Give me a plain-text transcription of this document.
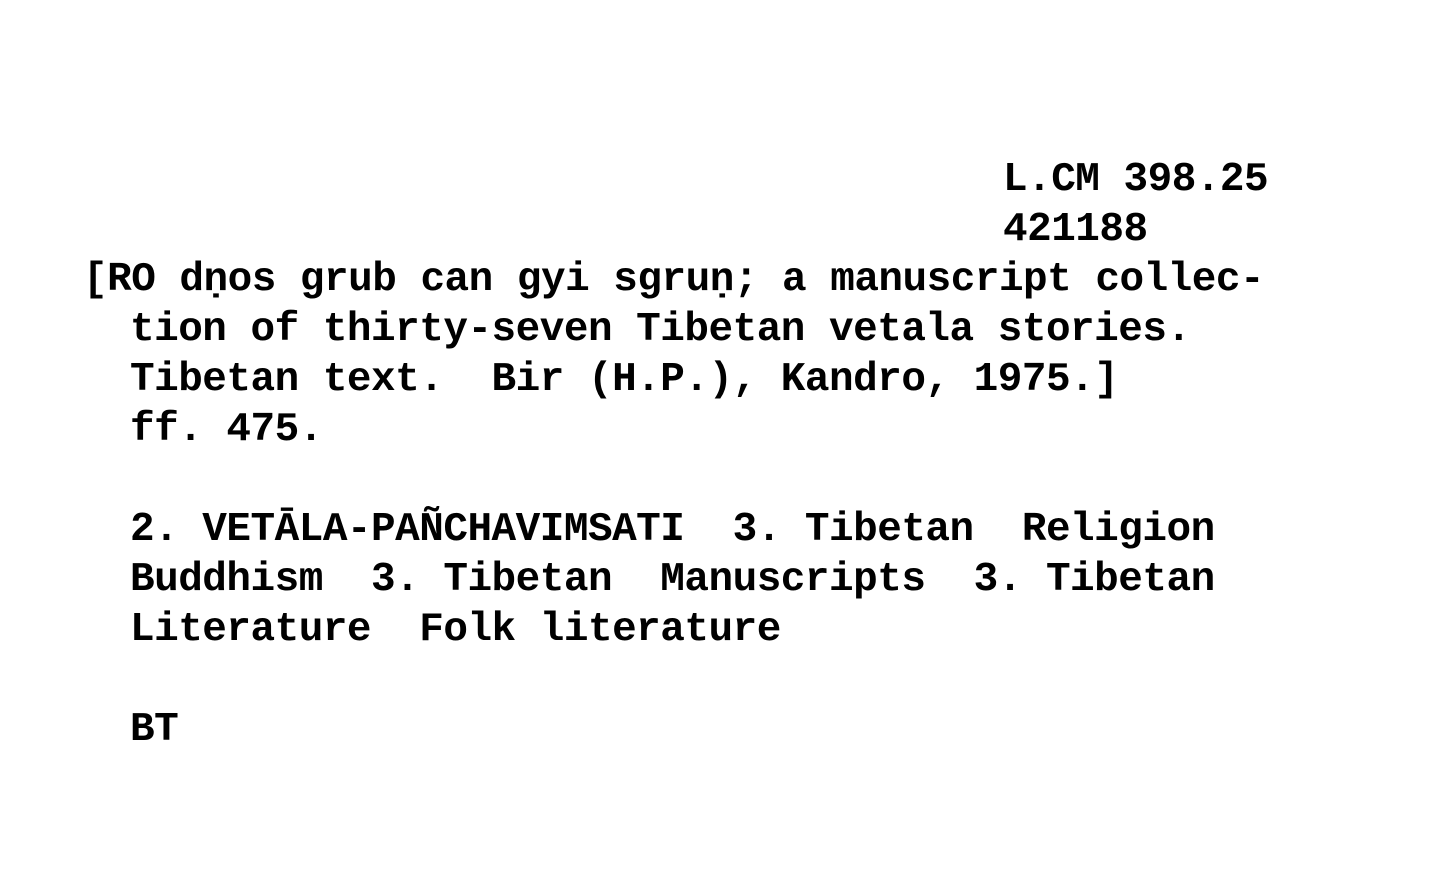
L.CM 398.25
421188
[RO dṇos grub can gyi sgruṇ; a manuscript collec-
tion of thirty-seven Tibetan vetala stories.
Tibetan text.  Bir (H.P.), Kandro, 1975.]
ff. 475.
2. VETĀLA-PAÑCHAVIMSATI  3. Tibetan  Religion
Buddhism  3. Tibetan  Manuscripts  3. Tibetan
Literature  Folk literature
BT
